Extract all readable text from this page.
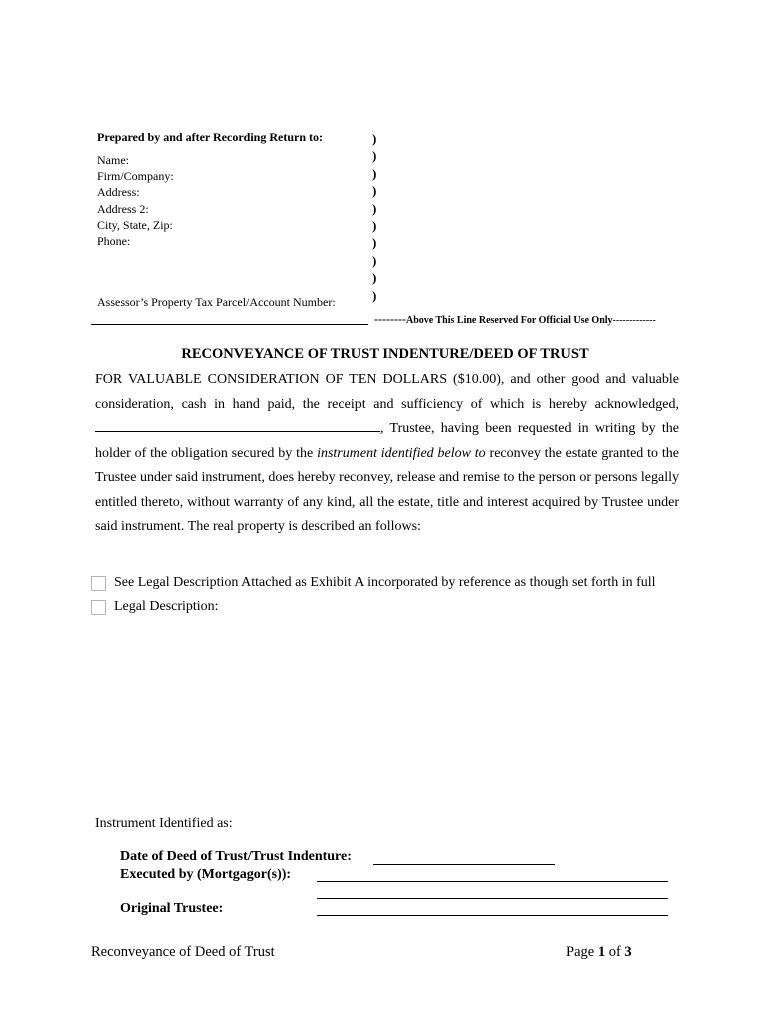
Prepared by and after Recording Return to:
Name:
Firm/Company:
Address:
Address 2:
City, State, Zip:
Phone:
Assessor’s Property Tax Parcel/Account Number:
)
)
)
)
)
)
)
)
)
)
--------Above This Line Reserved For Official Use Only-------------
RECONVEYANCE OF TRUST INDENTURE/DEED OF TRUST

FOR VALUABLE CONSIDERATION OF TEN DOLLARS ($10.00), and other good and valuable consideration, cash in hand paid, the receipt and sufficiency of which is hereby acknowledged, , Trustee, having been requested in writing by the holder of the obligation secured by the instrument identified below to reconvey the estate granted to the Trustee under said instrument, does hereby reconvey, release and remise to the person or persons legally entitled thereto, without warranty of any kind, all the estate, title and interest acquired by Trustee under said instrument. The real property is described an follows:

See Legal Description Attached as Exhibit A incorporated by reference as though set forth in full
Legal Description:
Instrument Identified as:
Date of Deed of Trust/Trust Indenture:
Executed by (Mortgagor(s)):
Original Trustee:
Reconveyance of Deed of Trust	Page 1 of 3
